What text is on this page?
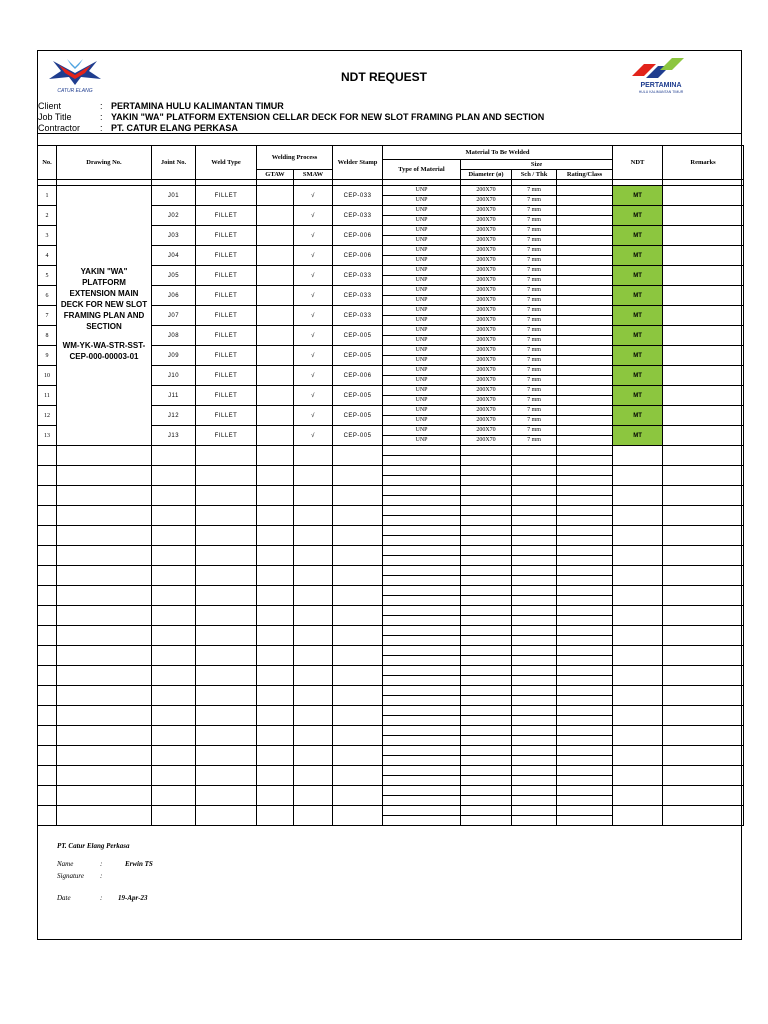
CATUR ELANG
PERTAMINA
HULU KALIMANTAN TIMUR
NDT REQUEST
Client	: PERTAMINA HULU KALIMANTAN TIMUR
Job Title	: YAKIN "WA" PLATFORM EXTENSION CELLAR DECK FOR NEW SLOT FRAMING PLAN AND SECTION
Contractor	: PT. CATUR ELANG PERKASA
No.	Drawing No.	Joint No.	Weld Type	Welding Process		Welder Stamp	Material To Be Welded				NDT	Remarks
							Type of Material	Size				
				GTAW	SMAW			Diameter (ø)	Sch / Thk	Rating/Class		

1	YAKIN "WA" PLATFORM EXTENSION MAIN DECK FOR NEW SLOT FRAMING PLAN AND SECTION
WM-YK-WA-STR-SST-CEP-000-00003-01	J01	FILLET		√	CEP-033	UNP	200X70	7 mm		MT	
							UNP	200X70	7 mm			
2		J02	FILLET		√	CEP-033	UNP	200X70	7 mm		MT	
							UNP	200X70	7 mm			
3		J03	FILLET		√	CEP-006	UNP	200X70	7 mm		MT	
							UNP	200X70	7 mm			
4		J04	FILLET		√	CEP-006	UNP	200X70	7 mm		MT	
							UNP	200X70	7 mm			
5		J05	FILLET		√	CEP-033	UNP	200X70	7 mm		MT	
							UNP	200X70	7 mm			
6		J06	FILLET		√	CEP-033	UNP	200X70	7 mm		MT	
							UNP	200X70	7 mm			
7		J07	FILLET		√	CEP-033	UNP	200X70	7 mm		MT	
							UNP	200X70	7 mm			
8		J08	FILLET		√	CEP-005	UNP	200X70	7 mm		MT	
							UNP	200X70	7 mm			
9		J09	FILLET		√	CEP-005	UNP	200X70	7 mm		MT	
							UNP	200X70	7 mm			
10		J10	FILLET		√	CEP-006	UNP	200X70	7 mm		MT	
							UNP	200X70	7 mm			
11		J11	FILLET		√	CEP-005	UNP	200X70	7 mm		MT	
							UNP	200X70	7 mm			
12		J12	FILLET		√	CEP-005	UNP	200X70	7 mm		MT	
							UNP	200X70	7 mm			
13		J13	FILLET		√	CEP-005	UNP	200X70	7 mm		MT	
							UNP	200X70	7 mm			

PT. Catur Elang Perkasa
Name	:	Erwin TS
Signature :
Date	: 19-Apr-23
